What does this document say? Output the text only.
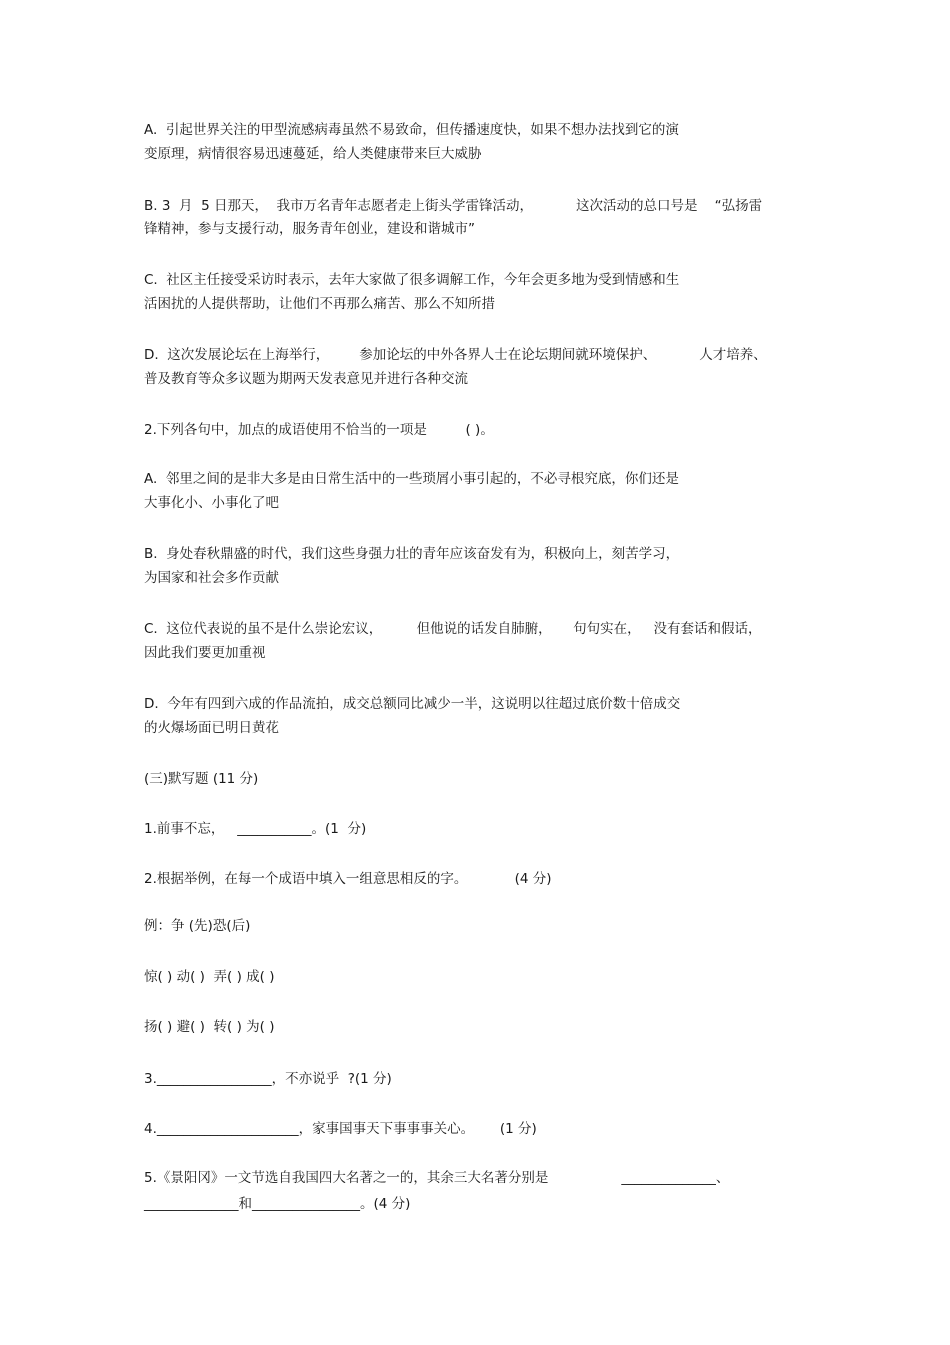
A.  引起世界关注的甲型流感病毒虽然不易致命，但传播速度快，如果不想办法找到它的演

变原理，病情很容易迅速蔓延，给人类健康带来巨大威胁

B. 3  月  5 日那天，  我市万名青年志愿者走上街头学雷锋活动，          这次活动的总口号是    “弘扬雷

锋精神，参与支援行动，服务青年创业，建设和谐城市”

C.  社区主任接受采访时表示，去年大家做了很多调解工作，今年会更多地为受到情感和生

活困扰的人提供帮助，让他们不再那么痛苦、那么不知所措

D.  这次发展论坛在上海举行，       参加论坛的中外各界人士在论坛期间就环境保护、          人才培养、

普及教育等众多议题为期两天发表意见并进行各种交流

2.下列各句中，加点的成语使用不恰当的一项是         ( )。

A.  邻里之间的是非大多是由日常生活中的一些琐屑小事引起的，不必寻根究底，你们还是

大事化小、小事化了吧

B.  身处春秋鼎盛的时代，我们这些身强力壮的青年应该奋发有为，积极向上，刻苦学习，

为国家和社会多作贡献

C.  这位代表说的虽不是什么崇论宏议，        但他说的话发自肺腑，     句句实在，   没有套话和假话，

因此我们要更加重视

D.  今年有四到六成的作品流拍，成交总额同比减少一半，这说明以往超过底价数十倍成交

的火爆场面已明日黄花

(三)默写题 (11 分)

1.前事不忘，   ___________。(1  分)

2.根据举例，在每一个成语中填入一组意思相反的字。           (4 分)

例：争 (先)恐(后)

惊( ) 动( )  弄( ) 成( )

扬( ) 避( )  转( ) 为( )

3._________________，不亦说乎  ?(1 分)

4._____________________，家事国事天下事事事关心。      (1 分)

5.《景阳冈》一文节选自我国四大名著之一的，其余三大名著分别是                 ______________、

______________和________________。(4 分)
